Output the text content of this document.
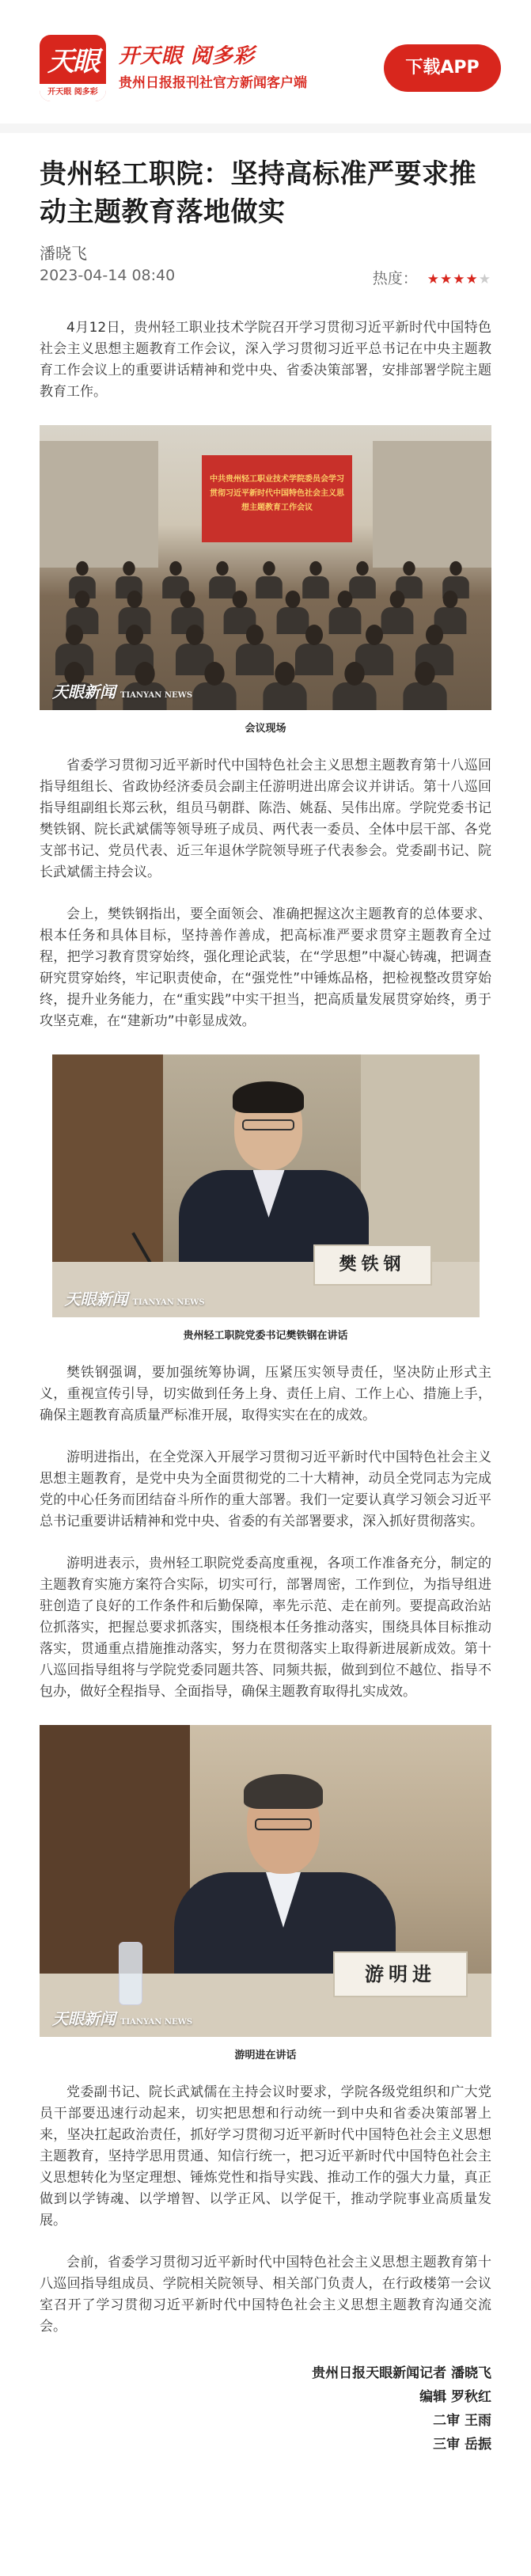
天眼
开天眼 阅多彩
开天眼 阅多彩
贵州日报报刊社官方新闻客户端
下载APP
贵州轻工职院：坚持高标准严要求推动主题教育落地做实
潘晓飞
2023-04-14 08:40	热度： ★★★★★

4月12日，贵州轻工职业技术学院召开学习贯彻习近平新时代中国特色社会主义思想主题教育工作会议，深入学习贯彻习近平总书记在中央主题教育工作会议上的重要讲话精神和党中央、省委决策部署，安排部署学院主题教育工作。

中共贵州轻工职业技术学院委员会学习贯彻习近平新时代中国特色社会主义思想主题教育工作会议
天眼新闻 TIANYAN NEWS
会议现场

省委学习贯彻习近平新时代中国特色社会主义思想主题教育第十八巡回指导组组长、省政协经济委员会副主任游明进出席会议并讲话。第十八巡回指导组副组长郑云秋，组员马朝群、陈浩、姚磊、吴伟出席。学院党委书记樊铁钢、院长武斌儒等领导班子成员、两代表一委员、全体中层干部、各党支部书记、党员代表、近三年退休学院领导班子代表参会。党委副书记、院长武斌儒主持会议。

会上，樊铁钢指出，要全面领会、准确把握这次主题教育的总体要求、根本任务和具体目标，坚持善作善成，把高标准严要求贯穿主题教育全过程，把学习教育贯穿始终，强化理论武装，在“学思想”中凝心铸魂，把调查研究贯穿始终，牢记职责使命，在“强党性”中锤炼品格，把检视整改贯穿始终，提升业务能力，在“重实践”中实干担当，把高质量发展贯穿始终，勇于攻坚克难，在“建新功”中彰显成效。

樊铁钢
天眼新闻 TIANYAN NEWS
贵州轻工职院党委书记樊铁钢在讲话

樊铁钢强调，要加强统筹协调，压紧压实领导责任，坚决防止形式主义，重视宣传引导，切实做到任务上身、责任上肩、工作上心、措施上手，确保主题教育高质量严标准开展，取得实实在在的成效。

游明进指出，在全党深入开展学习贯彻习近平新时代中国特色社会主义思想主题教育，是党中央为全面贯彻党的二十大精神，动员全党同志为完成党的中心任务而团结奋斗所作的重大部署。我们一定要认真学习领会习近平总书记重要讲话精神和党中央、省委的有关部署要求，深入抓好贯彻落实。

游明进表示，贵州轻工职院党委高度重视，各项工作准备充分，制定的主题教育实施方案符合实际，切实可行，部署周密，工作到位，为指导组进驻创造了良好的工作条件和后勤保障，率先示范、走在前列。要提高政治站位抓落实，把握总要求抓落实，围绕根本任务推动落实，围绕具体目标推动落实，贯通重点措施推动落实，努力在贯彻落实上取得新进展新成效。第十八巡回指导组将与学院党委同题共答、同频共振，做到到位不越位、指导不包办，做好全程指导、全面指导，确保主题教育取得扎实成效。

游明进
天眼新闻 TIANYAN NEWS
游明进在讲话

党委副书记、院长武斌儒在主持会议时要求，学院各级党组织和广大党员干部要迅速行动起来，切实把思想和行动统一到中央和省委决策部署上来，坚决扛起政治责任，抓好学习贯彻习近平新时代中国特色社会主义思想主题教育，坚持学思用贯通、知信行统一，把习近平新时代中国特色社会主义思想转化为坚定理想、锤炼党性和指导实践、推动工作的强大力量，真正做到以学铸魂、以学增智、以学正风、以学促干，推动学院事业高质量发展。

会前，省委学习贯彻习近平新时代中国特色社会主义思想主题教育第十八巡回指导组成员、学院相关院领导、相关部门负责人，在行政楼第一会议室召开了学习贯彻习近平新时代中国特色社会主义思想主题教育沟通交流会。

贵州日报天眼新闻记者 潘晓飞
编辑 罗秋红
二审 王雨
三审 岳振
